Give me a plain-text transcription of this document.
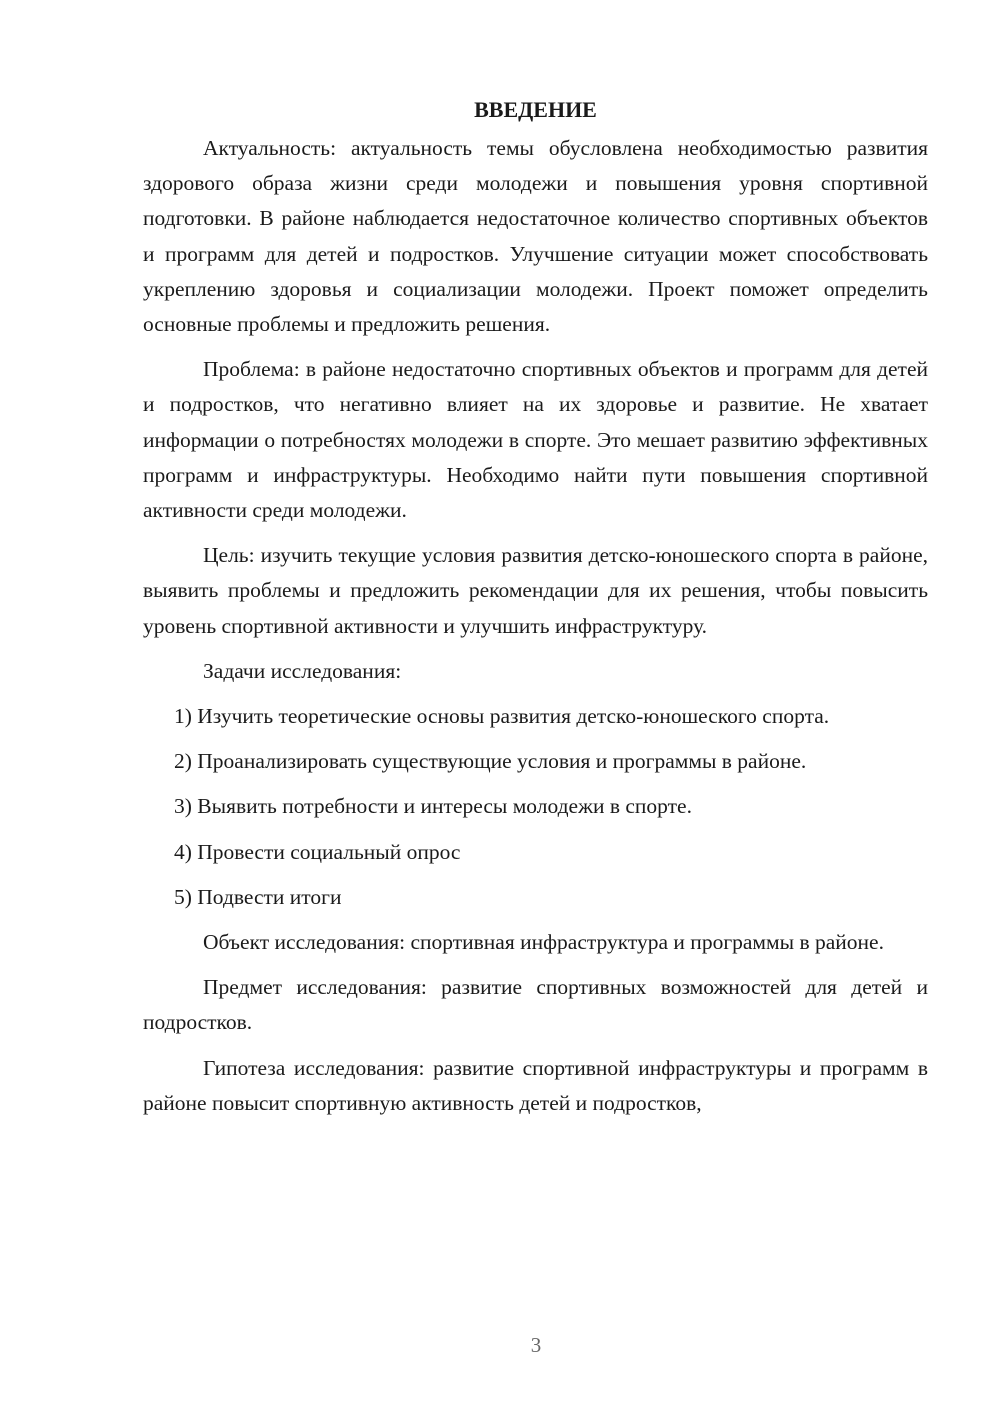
ВВЕДЕНИЕ

Актуальность: актуальность темы обусловлена необходимостью развития здорового образа жизни среди молодежи и повышения уровня спортивной подготовки. В районе наблюдается недостаточное количество спортивных объектов и программ для детей и подростков. Улучшение ситуации может способствовать укреплению здоровья и социализации молодежи. Проект поможет определить основные проблемы и предложить решения.

Проблема: в районе недостаточно спортивных объектов и программ для детей и подростков, что негативно влияет на их здоровье и развитие. Не хватает информации о потребностях молодежи в спорте. Это мешает развитию эффективных программ и инфраструктуры. Необходимо найти пути повышения спортивной активности среди молодежи.

Цель: изучить текущие условия развития детско-юношеского спорта в районе, выявить проблемы и предложить рекомендации для их решения, чтобы повысить уровень спортивной активности и улучшить инфраструктуру.

Задачи исследования:

1) Изучить теоретические основы развития детско-юношеского спорта.

2) Проанализировать существующие условия и программы в районе.

3) Выявить потребности и интересы молодежи в спорте.

4) Провести социальный опрос

5) Подвести итоги

Объект исследования: спортивная инфраструктура и программы в районе.

Предмет исследования: развитие спортивных возможностей для детей и подростков.

Гипотеза исследования: развитие спортивной инфраструктуры и программ в районе повысит спортивную активность детей и подростков,

3
